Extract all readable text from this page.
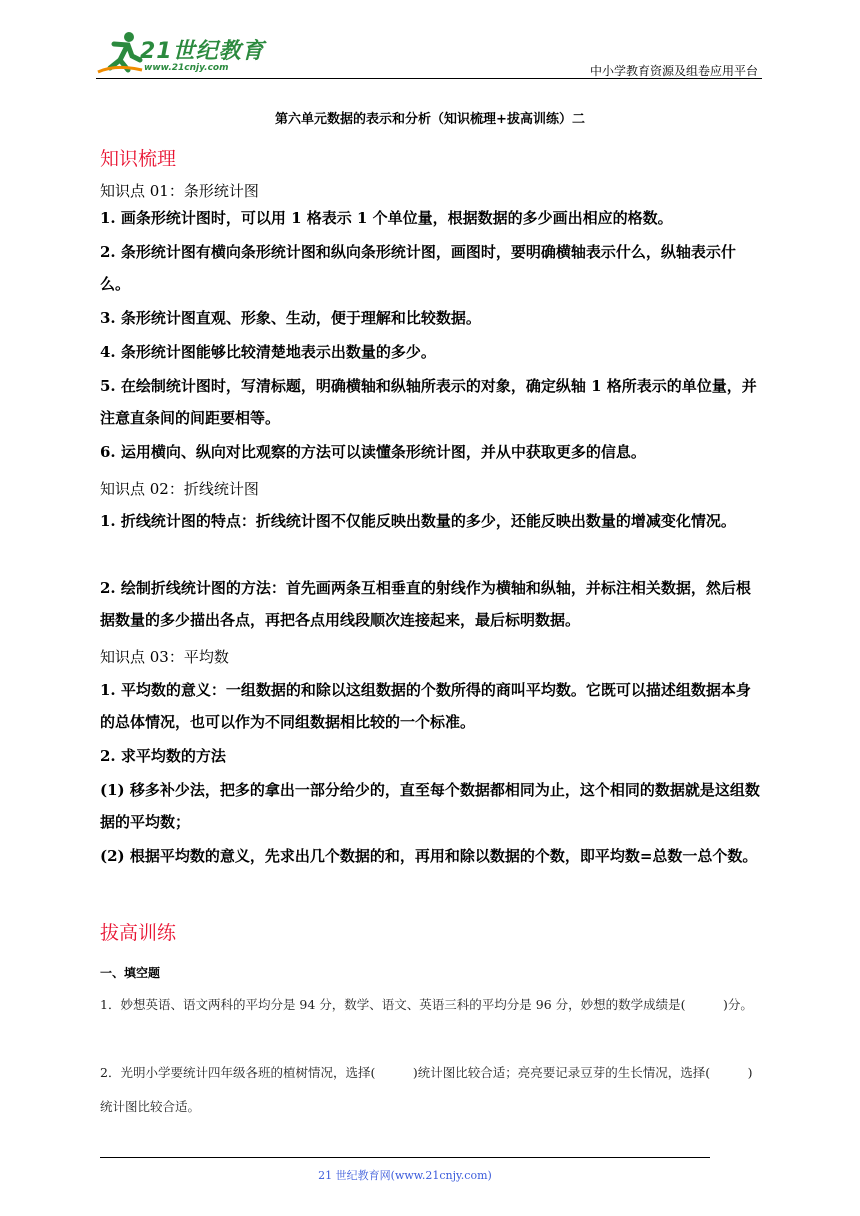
21世纪教育
www.21cnjy.com	中小学教育资源及组卷应用平台
第六单元数据的表示和分析（知识梳理+拔高训练）二
知识梳理
知识点 01：条形统计图
1. 画条形统计图时，可以用 1 格表示 1 个单位量，根据数据的多少画出相应的格数。
2. 条形统计图有横向条形统计图和纵向条形统计图，画图时，要明确横轴表示什么，纵轴表示什么。
3. 条形统计图直观、形象、生动，便于理解和比较数据。
4. 条形统计图能够比较清楚地表示出数量的多少。
5. 在绘制统计图时，写清标题，明确横轴和纵轴所表示的对象，确定纵轴 1 格所表示的单位量，并注意直条间的间距要相等。
6. 运用横向、纵向对比观察的方法可以读懂条形统计图，并从中获取更多的信息。
知识点 02：折线统计图
1. 折线统计图的特点：折线统计图不仅能反映出数量的多少，还能反映出数量的增减变化情况。
2. 绘制折线统计图的方法：首先画两条互相垂直的射线作为横轴和纵轴，并标注相关数据，然后根据数量的多少描出各点，再把各点用线段顺次连接起来，最后标明数据。
知识点 03：平均数
1. 平均数的意义：一组数据的和除以这组数据的个数所得的商叫平均数。它既可以描述组数据本身的总体情况，也可以作为不同组数据相比较的一个标准。
2. 求平均数的方法
(1) 移多补少法，把多的拿出一部分给少的，直至每个数据都相同为止，这个相同的数据就是这组数据的平均数；
(2) 根据平均数的意义，先求出几个数据的和，再用和除以数据的个数，即平均数=总数一总个数。
拔高训练
一、填空题
1．妙想英语、语文两科的平均分是 94 分，数学、语文、英语三科的平均分是 96 分，妙想的数学成绩是(　　　)分。
2．光明小学要统计四年级各班的植树情况，选择(　　　)统计图比较合适；亮亮要记录豆芽的生长情况，选择(　　　)统计图比较合适。
21 世纪教育网(www.21cnjy.com)
